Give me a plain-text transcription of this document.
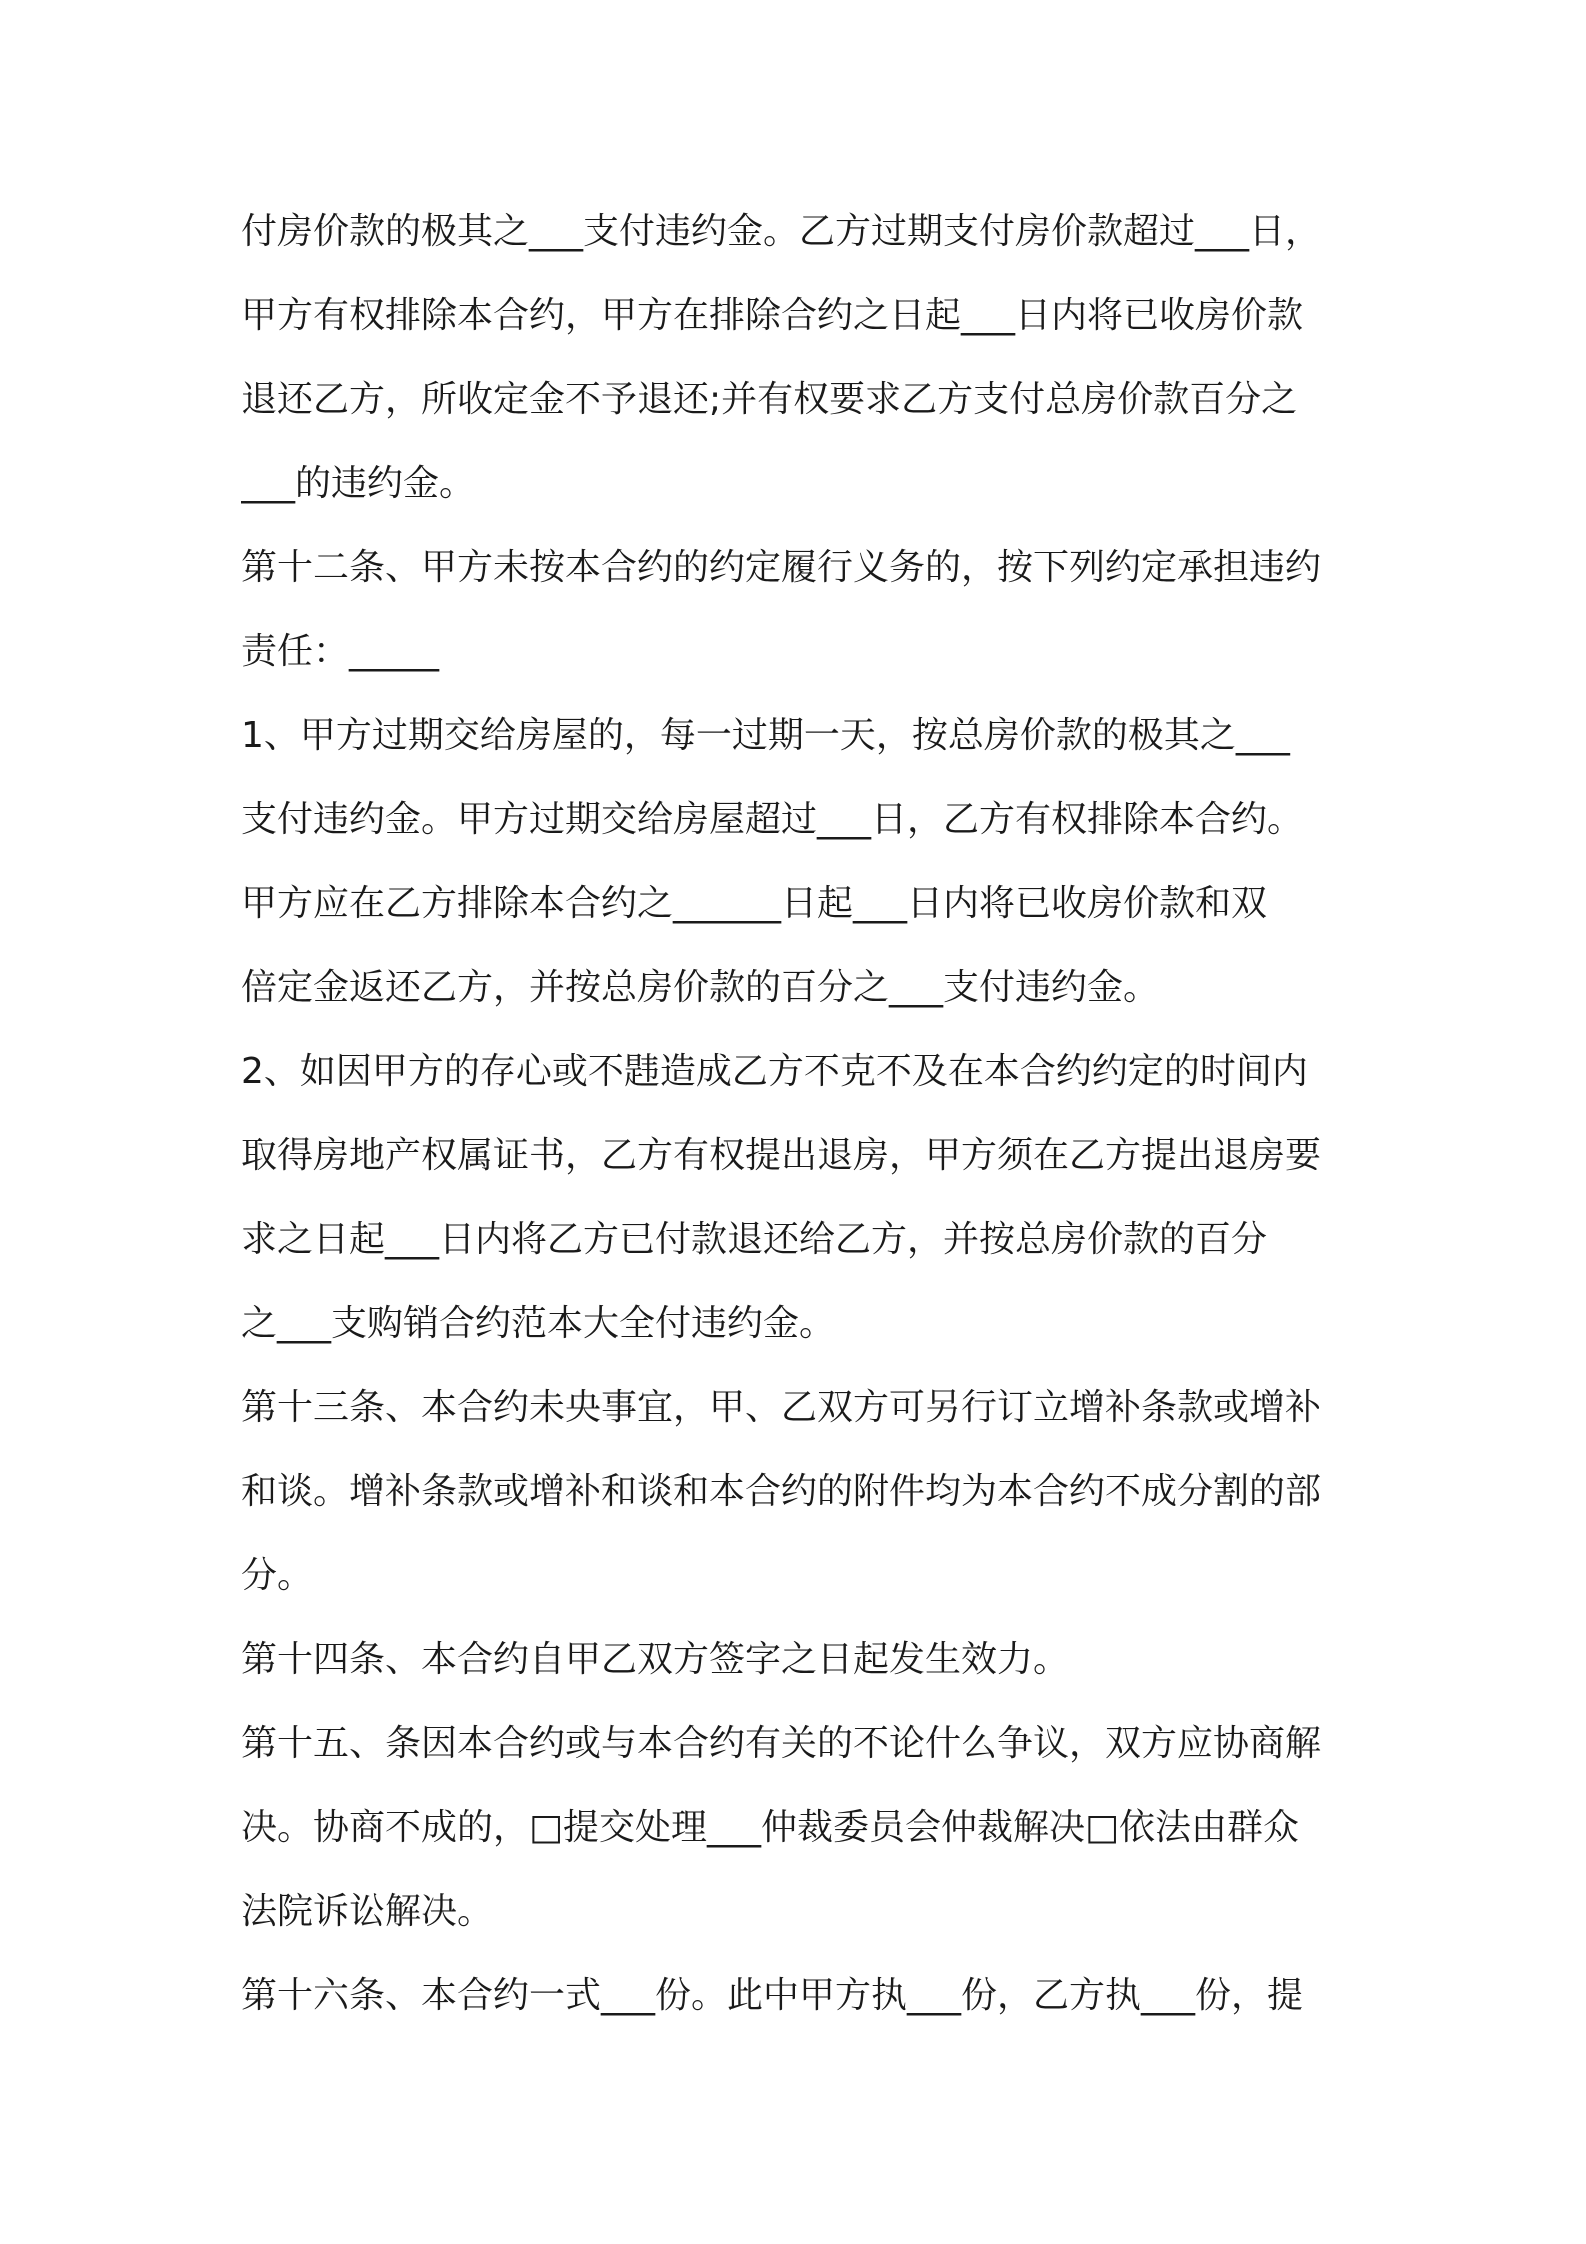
付房价款的极其之___支付违约金。乙方过期支付房价款超过___日，
甲方有权排除本合约，甲方在排除合约之日起___日内将已收房价款
退还乙方，所收定金不予退还;并有权要求乙方支付总房价款百分之
___的违约金。
第十二条、甲方未按本合约的约定履行义务的，按下列约定承担违约
责任：_____
1、甲方过期交给房屋的，每一过期一天，按总房价款的极其之___
支付违约金。甲方过期交给房屋超过___日，乙方有权排除本合约。
甲方应在乙方排除本合约之______日起___日内将已收房价款和双
倍定金返还乙方，并按总房价款的百分之___支付违约金。
2、如因甲方的存心或不韪造成乙方不克不及在本合约约定的时间内
取得房地产权属证书，乙方有权提出退房，甲方须在乙方提出退房要
求之日起___日内将乙方已付款退还给乙方，并按总房价款的百分
之___支购销合约范本大全付违约金。
第十三条、本合约未央事宜，甲、乙双方可另行订立增补条款或增补
和谈。增补条款或增补和谈和本合约的附件均为本合约不成分割的部
分。
第十四条、本合约自甲乙双方签字之日起发生效力。
第十五、条因本合约或与本合约有关的不论什么争议，双方应协商解
决。协商不成的，□提交处理___仲裁委员会仲裁解决□依法由群众
法院诉讼解决。
第十六条、本合约一式___份。此中甲方执___份，乙方执___份，提
